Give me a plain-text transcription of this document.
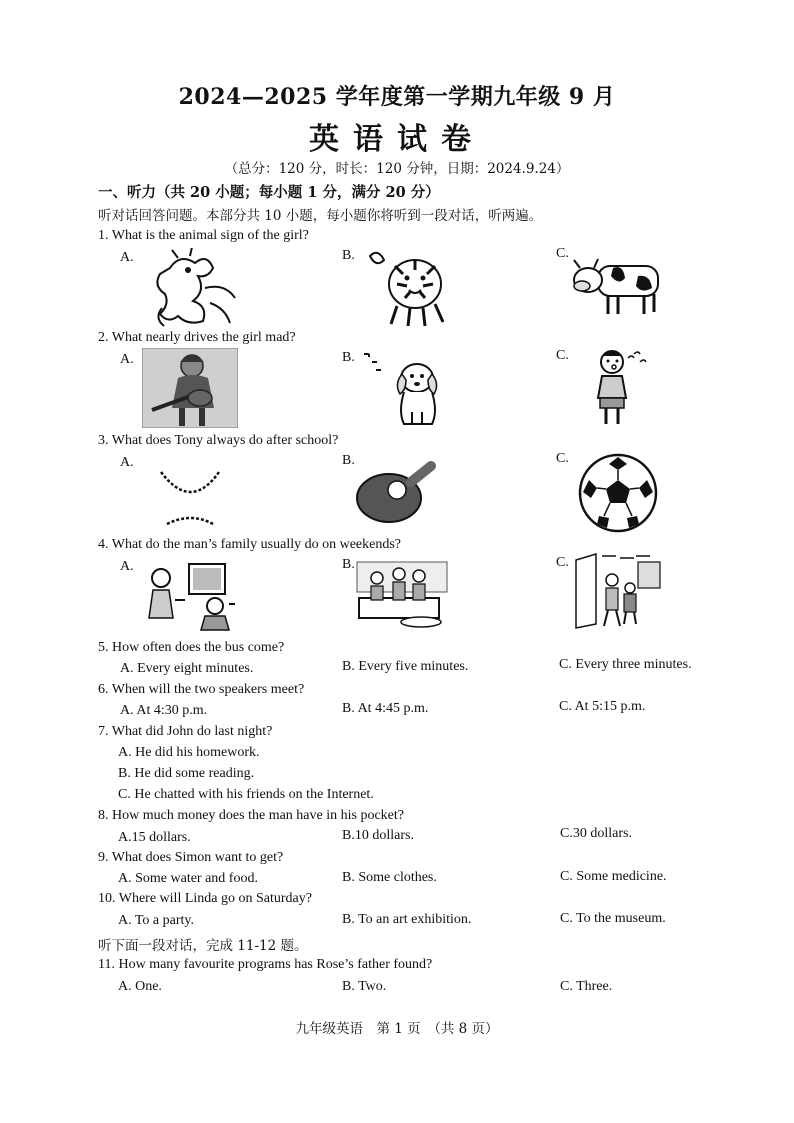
2024—2025 学年度第一学期九年级 9 月
英语试卷
（总分：120 分，时长：120 分钟，日期：2024.9.24）
一、听力（共 20 小题；每小题 1 分，满分 20 分）
听对话回答问题。本部分共 10 小题，每小题你将听到一段对话，听两遍。
1. What is the animal sign of the girl?
A.	B.	C.
2. What nearly drives the girl mad?
A.	B.	C.
3. What does Tony always do after school?
A.	B.	C.
4. What do the man’s family usually do on weekends?
A.	B.	C.
5. How often does the bus come?
A. Every eight minutes.	B. Every five minutes.	C. Every three minutes.
6. When will the two speakers meet?
A. At 4:30 p.m.	B. At 4:45 p.m.	C. At 5:15 p.m.
7. What did John do last night?
A. He did his homework.
B. He did some reading.
C. He chatted with his friends on the Internet.
8. How much money does the man have in his pocket?
A.15 dollars.	B.10 dollars.	C.30 dollars.
9. What does Simon want to get?
A. Some water and food.	B. Some clothes.	C. Some medicine.
10. Where will Linda go on Saturday?
A. To a party.	B. To an art exhibition.	C. To the museum.
听下面一段对话，完成 11-12 题。
11. How many favourite programs has Rose’s father found?
A. One.	B. Two.	C. Three.
九年级英语　第 1 页　（共 8 页）
